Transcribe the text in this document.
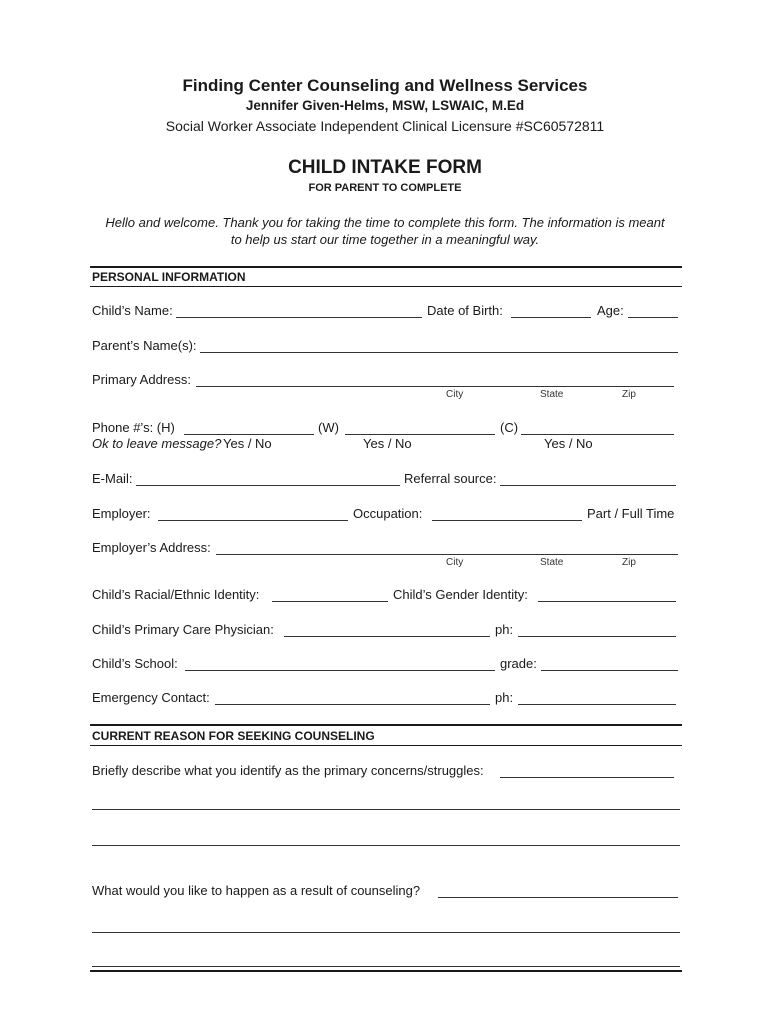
Finding Center Counseling and Wellness Services
Jennifer Given-Helms, MSW, LSWAIC, M.Ed
Social Worker Associate Independent Clinical Licensure #SC60572811
CHILD INTAKE FORM
FOR PARENT TO COMPLETE
Hello and welcome. Thank you for taking the time to complete this form. The information is meant
to help us start our time together in a meaningful way.
PERSONAL INFORMATION
Child’s Name:	Date of Birth:	Age:
Parent’s Name(s):
Primary Address:
City	State	Zip
Phone #’s: (H)	(W)	(C)
Ok to leave message? Yes / No	Yes / No	Yes / No
E-Mail:	Referral source:
Employer:	Occupation:	Part / Full Time
Employer’s Address:
City	State	Zip
Child’s Racial/Ethnic Identity:	Child’s Gender Identity:
Child’s Primary Care Physician:	ph:
Child’s School:	grade:
Emergency Contact:	ph:
CURRENT REASON FOR SEEKING COUNSELING
Briefly describe what you identify as the primary concerns/struggles:
What would you like to happen as a result of counseling?
